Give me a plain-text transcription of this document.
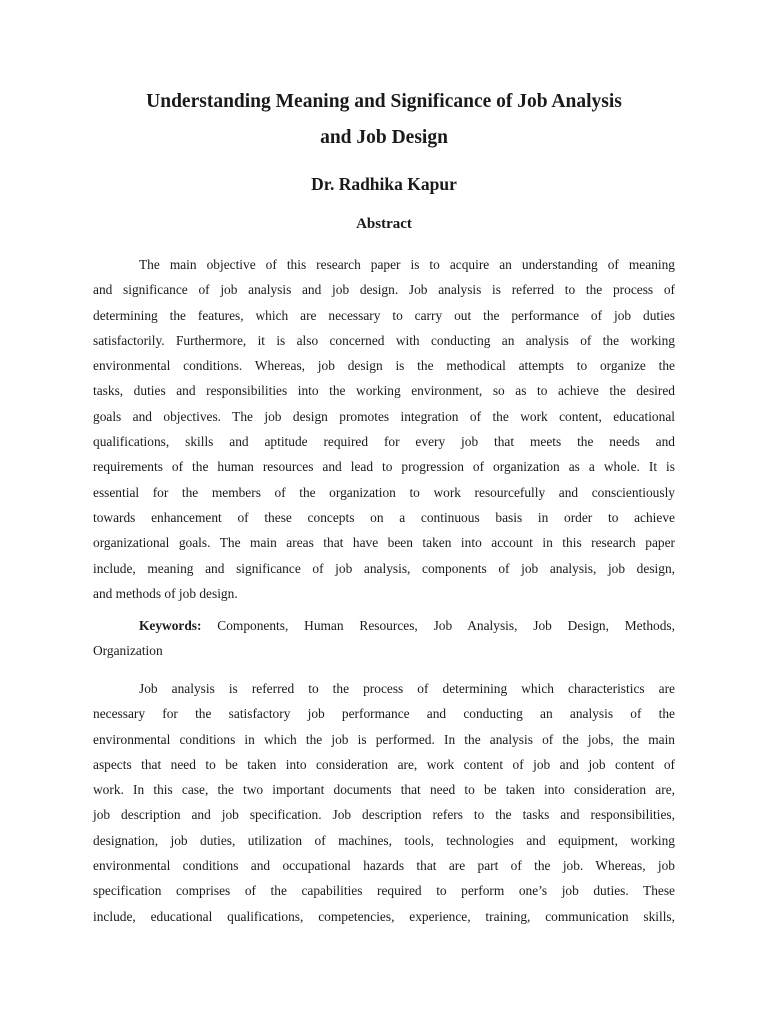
Understanding Meaning and Significance of Job Analysis
and Job Design
Dr. Radhika Kapur
Abstract
The main objective of this research paper is to acquire an understanding of meaning
and significance of job analysis and job design. Job analysis is referred to the process of
determining the features, which are necessary to carry out the performance of job duties
satisfactorily. Furthermore, it is also concerned with conducting an analysis of the working
environmental conditions. Whereas, job design is the methodical attempts to organize the
tasks, duties and responsibilities into the working environment, so as to achieve the desired
goals and objectives. The job design promotes integration of the work content, educational
qualifications, skills and aptitude required for every job that meets the needs and
requirements of the human resources and lead to progression of organization as a whole. It is
essential for the members of the organization to work resourcefully and conscientiously
towards enhancement of these concepts on a continuous basis in order to achieve
organizational goals. The main areas that have been taken into account in this research paper
include, meaning and significance of job analysis, components of job analysis, job design,
and methods of job design.
Keywords: Components, Human Resources, Job Analysis, Job Design, Methods,
Organization
Job analysis is referred to the process of determining which characteristics are
necessary for the satisfactory job performance and conducting an analysis of the
environmental conditions in which the job is performed. In the analysis of the jobs, the main
aspects that need to be taken into consideration are, work content of job and job content of
work. In this case, the two important documents that need to be taken into consideration are,
job description and job specification. Job description refers to the tasks and responsibilities,
designation, job duties, utilization of machines, tools, technologies and equipment, working
environmental conditions and occupational hazards that are part of the job. Whereas, job
specification comprises of the capabilities required to perform one’s job duties. These
include, educational qualifications, competencies, experience, training, communication skills,
